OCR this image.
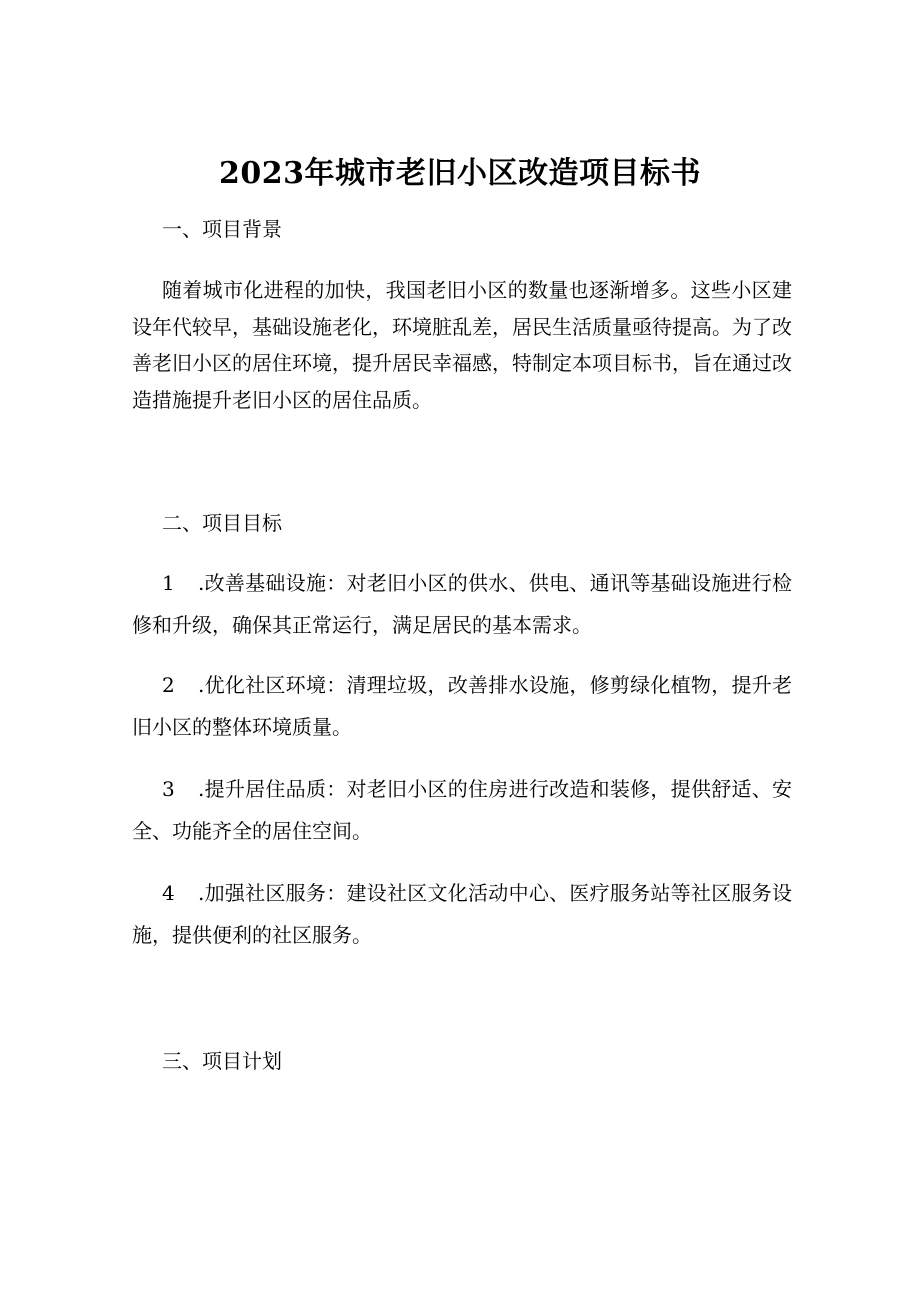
2023年城市老旧小区改造项目标书
一、项目背景

随着城市化进程的加快，我国老旧小区的数量也逐渐增多。这些小区建设年代较早，基础设施老化，环境脏乱差，居民生活质量亟待提高。为了改善老旧小区的居住环境，提升居民幸福感，特制定本项目标书，旨在通过改造措施提升老旧小区的居住品质。

二、项目目标

1 .改善基础设施：对老旧小区的供水、供电、通讯等基础设施进行检修和升级，确保其正常运行，满足居民的基本需求。

2 .优化社区环境：清理垃圾，改善排水设施，修剪绿化植物，提升老旧小区的整体环境质量。

3 .提升居住品质：对老旧小区的住房进行改造和装修，提供舒适、安全、功能齐全的居住空间。

4 .加强社区服务：建设社区文化活动中心、医疗服务站等社区服务设施，提供便利的社区服务。

三、项目计划
